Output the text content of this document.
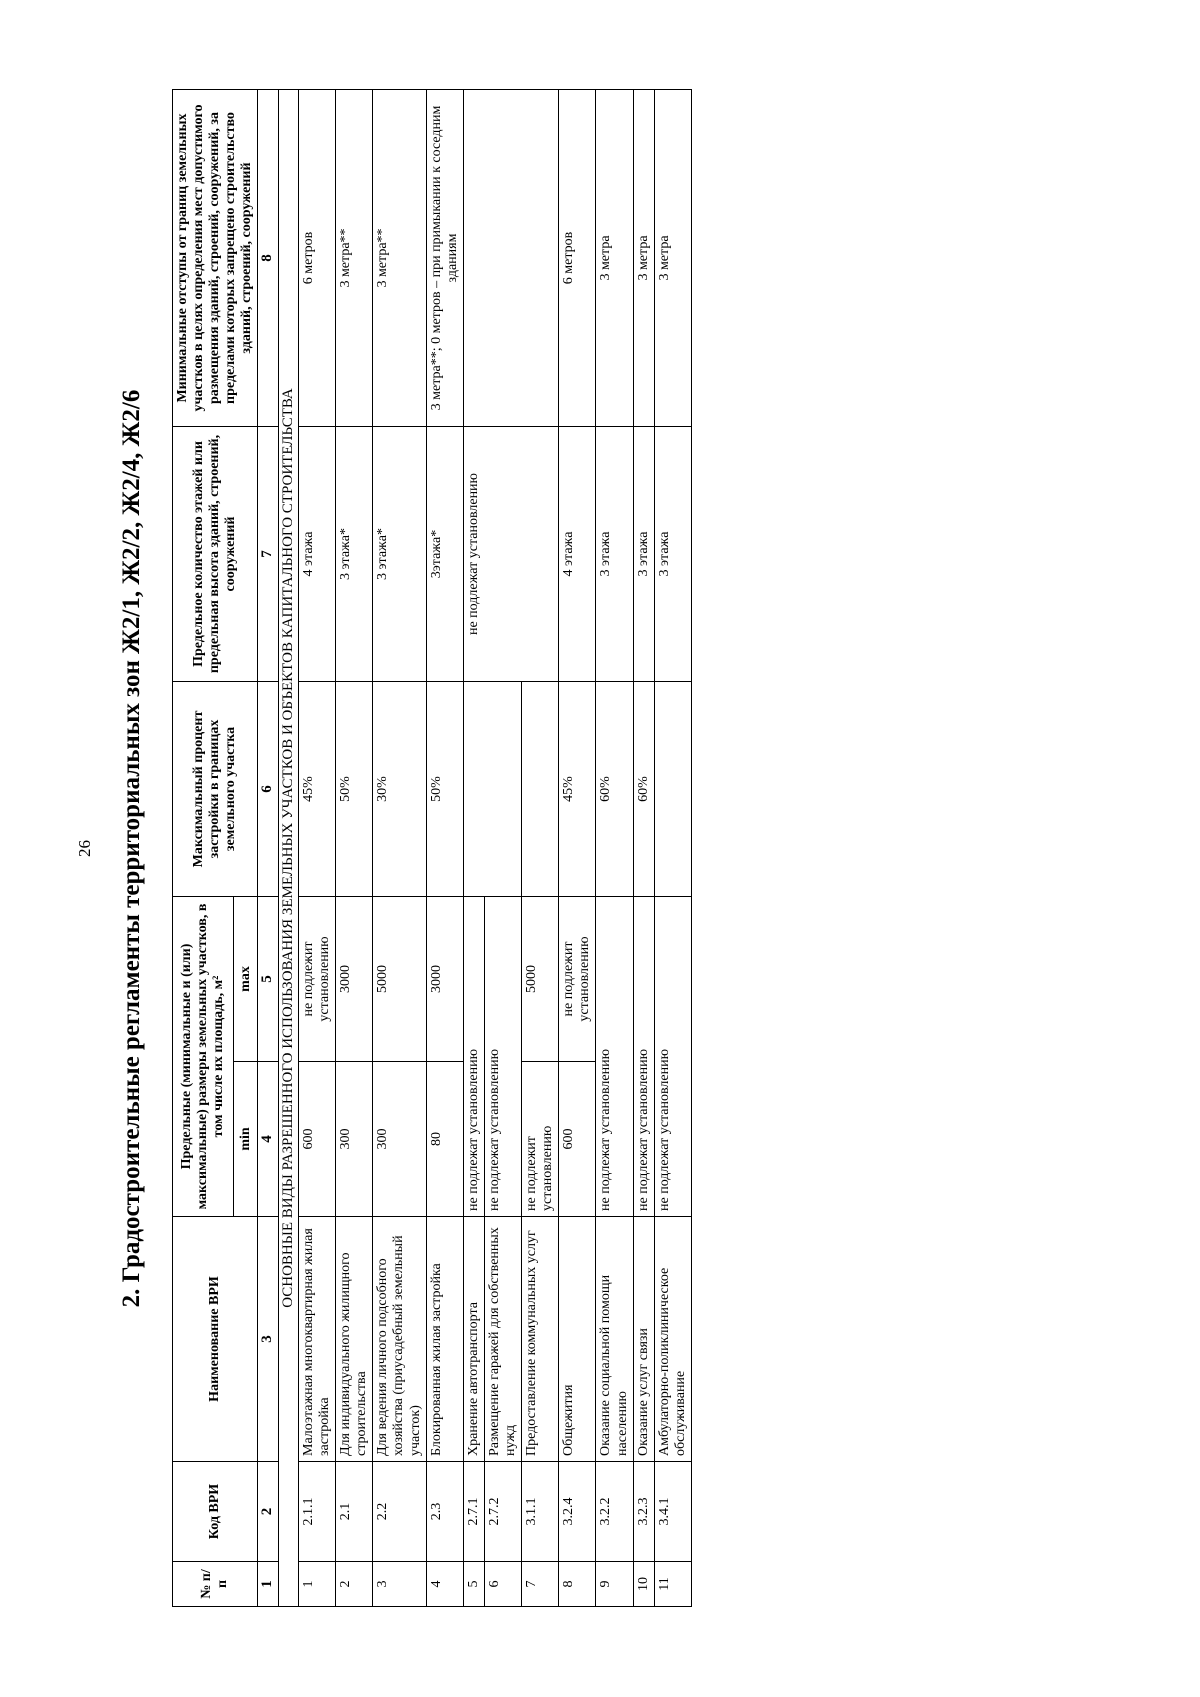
26 2. Градостроительные регламенты территориальных зон Ж2/1, Ж2/2, Ж2/4, Ж2/6
№ п/п	Код ВРИ	Наименование ВРИ	Предельные (минимальные и (или) максимальные) размеры земельных участков, в том числе их площадь, м²		Максимальный процент застройки в границах земельного участка	Предельное количество этажей или предельная высота зданий, строений, сооружений	Минимальные отступы от границ земельных участков в целях определения мест допустимого размещения зданий, строений, сооружений, за пределами которых запрещено строительство зданий, строений, сооружений
			min	max			
1	2	3	4	5	6	7	8
ОСНОВНЫЕ ВИДЫ РАЗРЕШЕННОГО ИСПОЛЬЗОВАНИЯ ЗЕМЕЛЬНЫХ УЧАСТКОВ И ОБЪЕКТОВ КАПИТАЛЬНОГО СТРОИТЕЛЬСТВА							
1	2.1.1	Малоэтажная многоквартирная жилая застройка	600	не подлежит установлению	45%	4 этажа	6 метров
2	2.1	Для индивидуального жилищного строительства	300	3000	50%	3 этажа*	3 метра**
3	2.2	Для ведения личного подсобного хозяйства (приусадебный земельный участок)	300	5000	30%	3 этажа*	3 метра**
4	2.3	Блокированная жилая застройка	80	3000	50%	3этажа*	3 метра**; 0 метров – при примыкании к соседним зданиям
5	2.7.1	Хранение автотранспорта	не подлежат установлению			не подлежат установлению	
6	2.7.2	Размещение гаражей для собственных нужд	не подлежат установлению				
7	3.1.1	Предоставление коммунальных услуг	не подлежит установлению	5000			
8	3.2.4	Общежития	600	не подлежит установлению	45%	4 этажа	6 метров
9	3.2.2	Оказание социальной помощи населению	не подлежат установлению		60%	3 этажа	3 метра
10	3.2.3	Оказание услуг связи	не подлежат установлению		60%	3 этажа	3 метра
11	3.4.1	Амбулаторно-поликлиническое обслуживание	не подлежат установлению			3 этажа	3 метра
